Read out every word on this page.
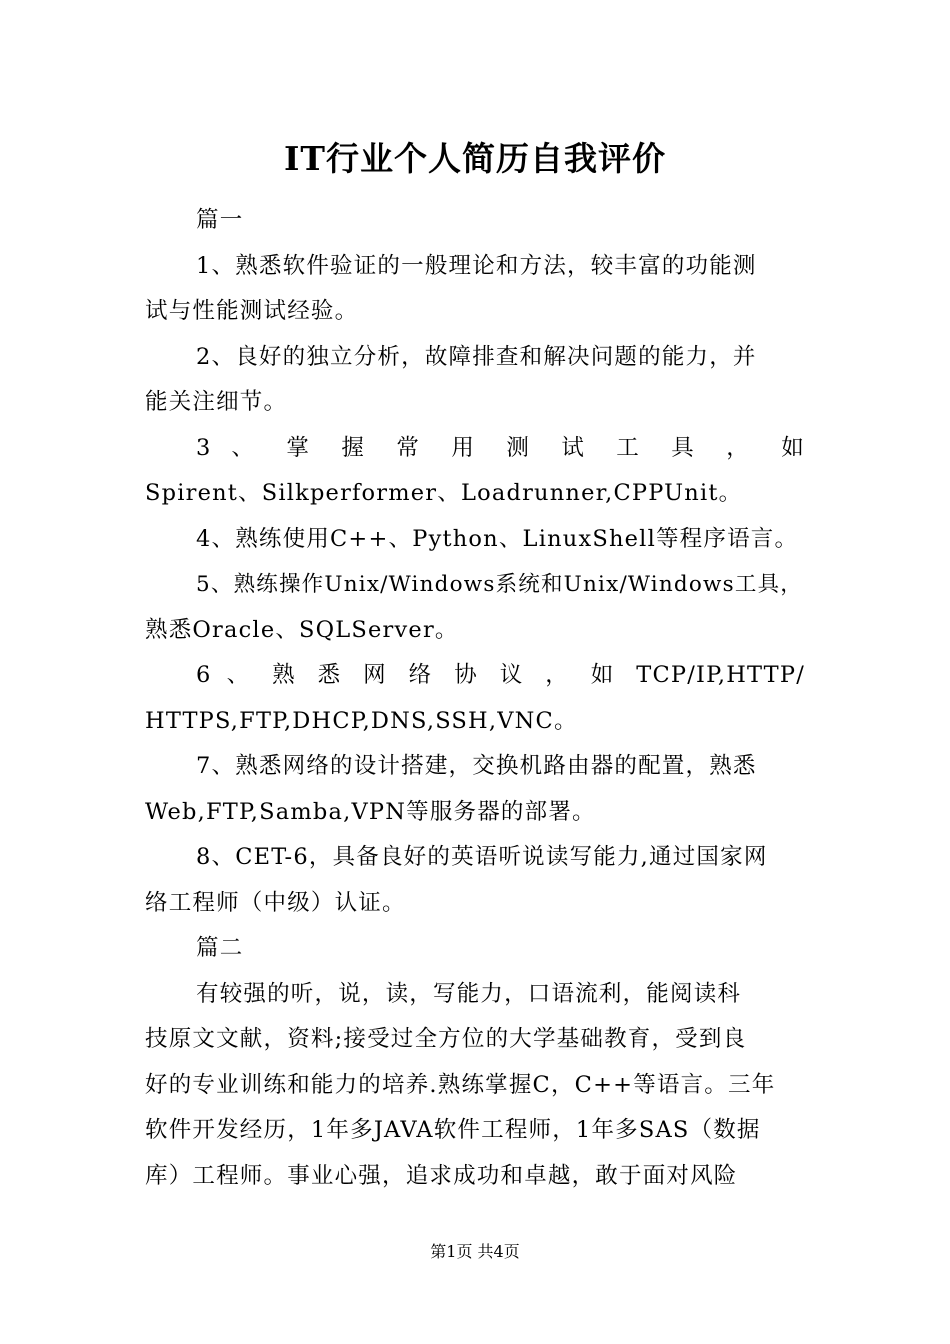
IT行业个人简历自我评价
篇一
1、熟悉软件验证的一般理论和方法，较丰富的功能测
试与性能测试经验。
2、良好的独立分析，故障排查和解决问题的能力，并
能关注细节。
3 、 掌 握 常 用 测 试 工 具 ， 如
Spirent、Silkperformer、Loadrunner,CPPUnit。
4、熟练使用C++、Python、LinuxShell等程序语言。
5、熟练操作Unix/Windows系统和Unix/Windows工具，
熟悉Oracle、SQLServer。
6 、 熟 悉 网 络 协 议 ， 如 TCP/IP,HTTP/
HTTPS,FTP,DHCP,DNS,SSH,VNC。
7、熟悉网络的设计搭建，交换机路由器的配置，熟悉
Web,FTP,Samba,VPN等服务器的部署。
8、CET-6，具备良好的英语听说读写能力,通过国家网
络工程师（中级）认证。
篇二
有较强的听，说，读，写能力，口语流利，能阅读科
技原文文献，资料;接受过全方位的大学基础教育，受到良
好的专业训练和能力的培养.熟练掌握C，C++等语言。三年
软件开发经历，1年多JAVA软件工程师，1年多SAS（数据
库）工程师。事业心强，追求成功和卓越，敢于面对风险
第1页 共4页
